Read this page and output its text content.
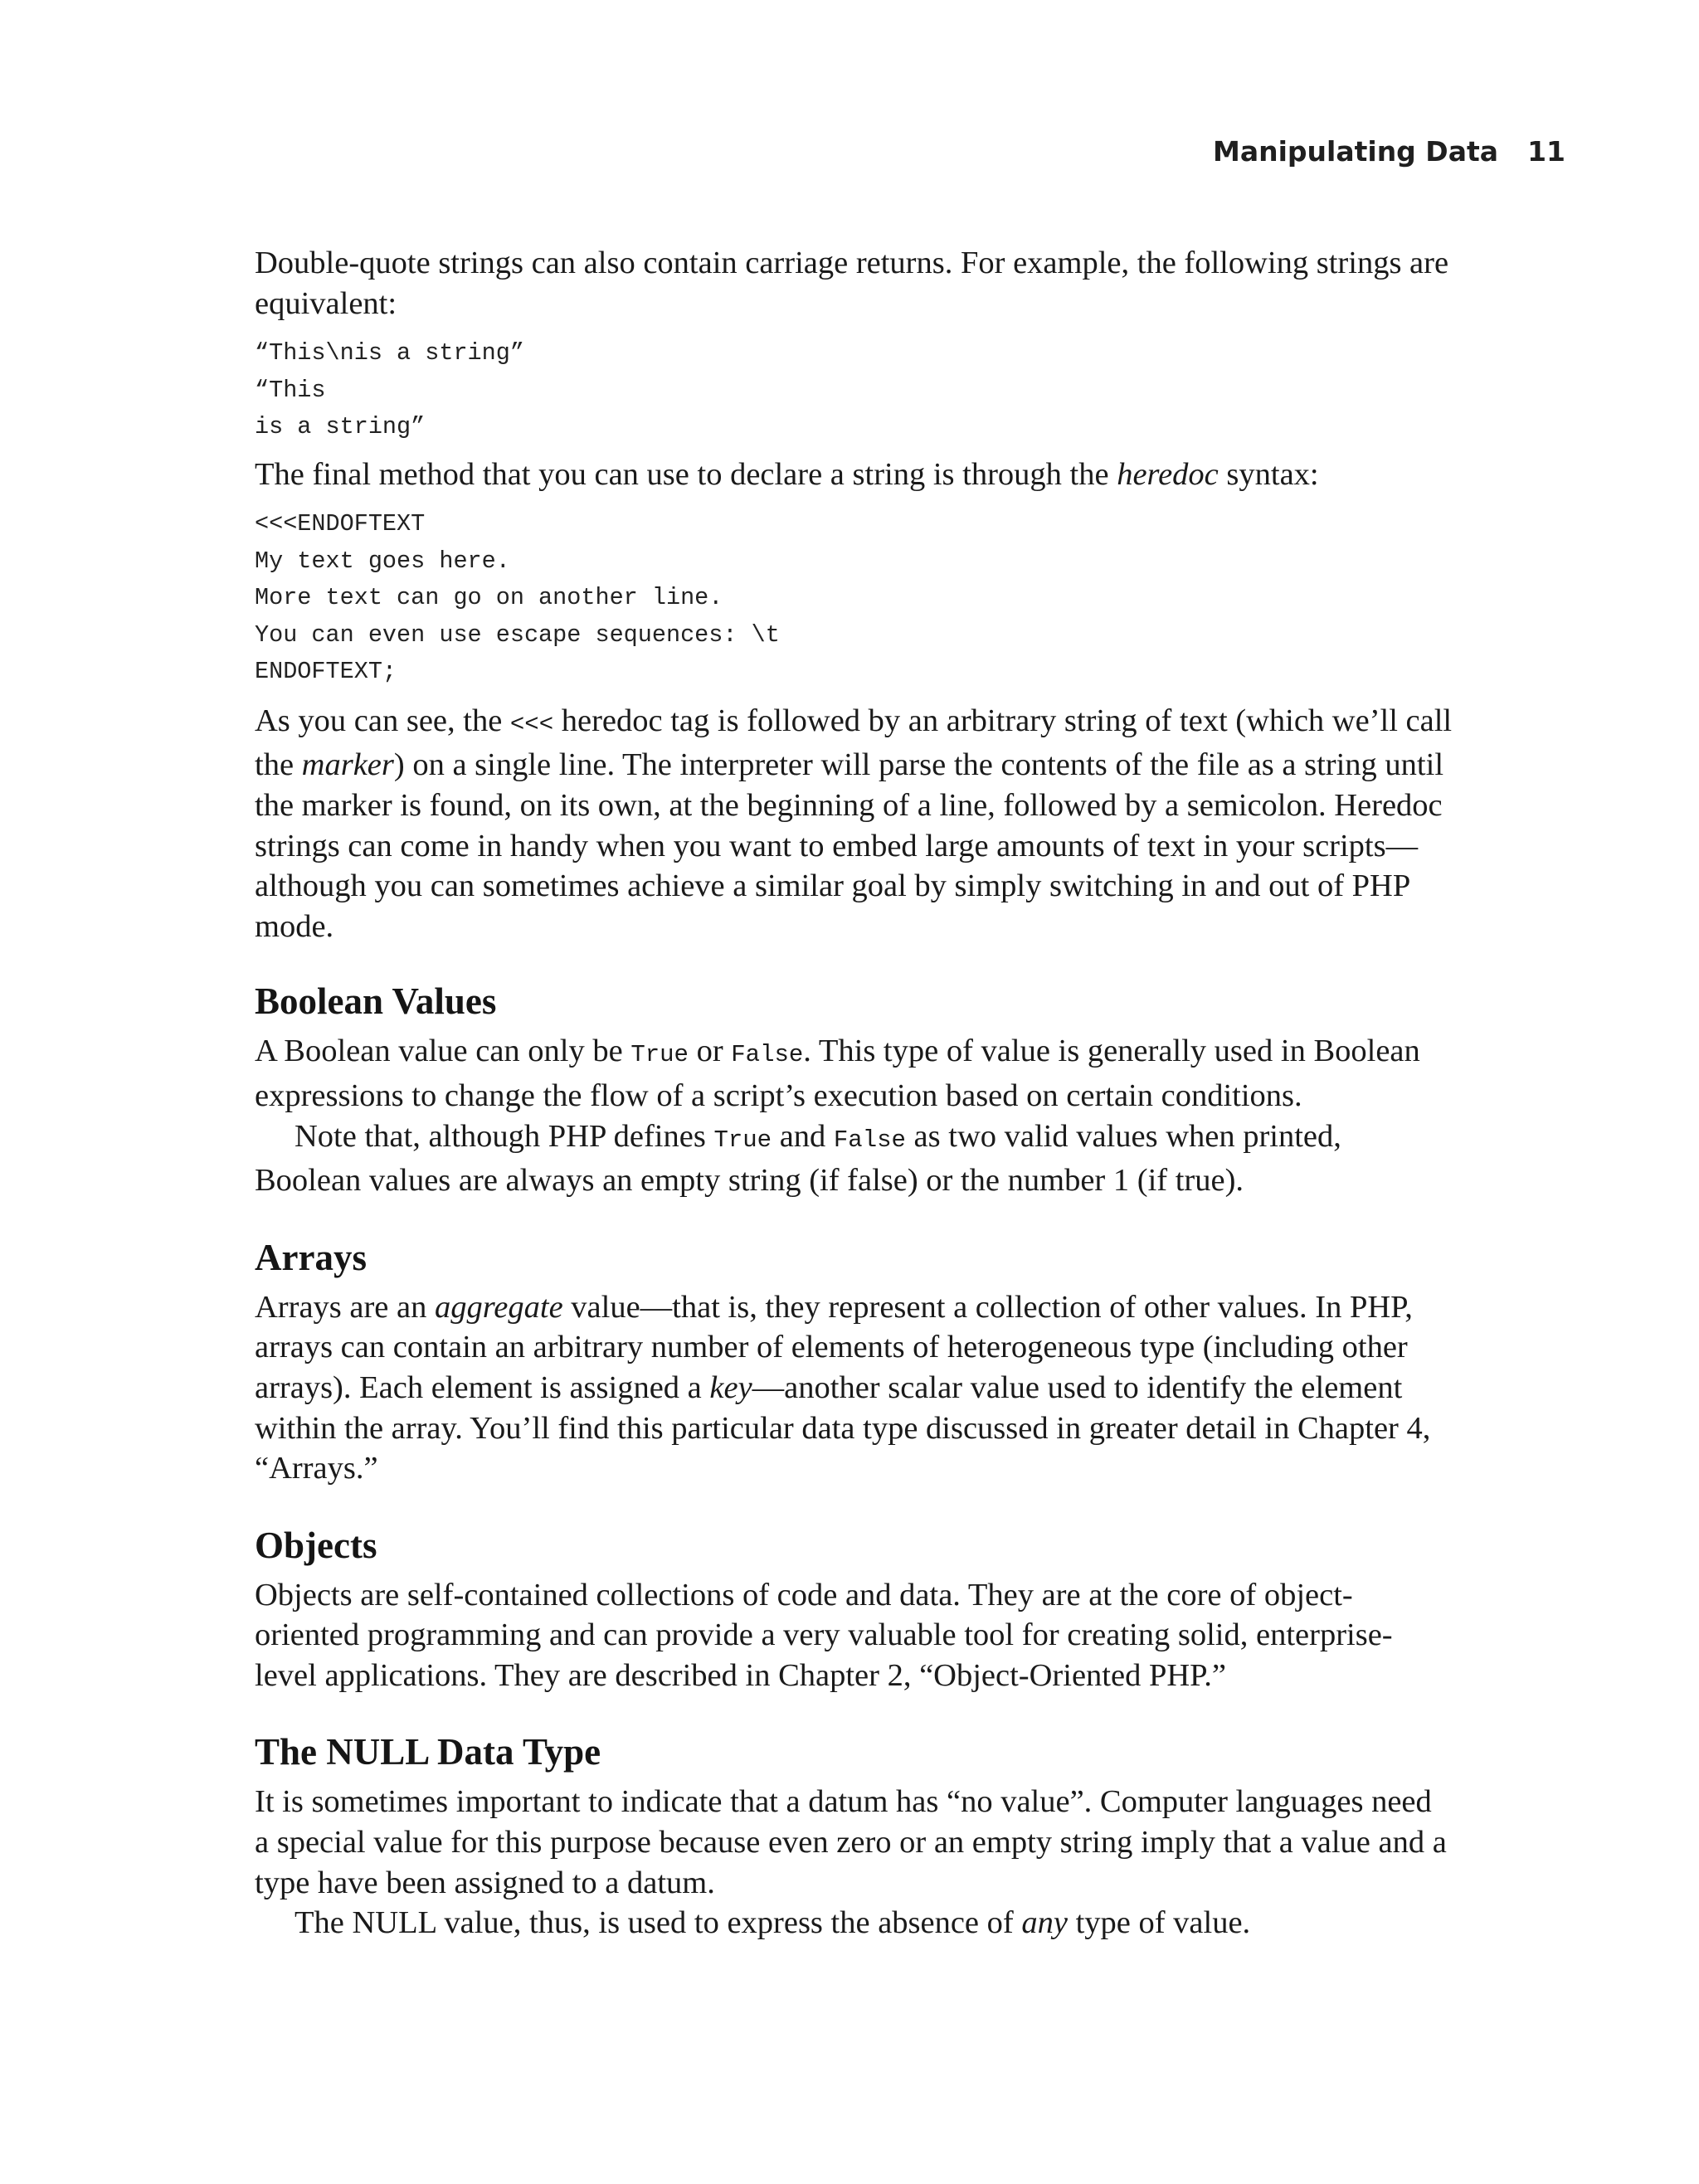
Manipulating Data 11

Double-quote strings can also contain carriage returns. For example, the following strings are equivalent:

“This\nis a string”
“This
is a string”

The final method that you can use to declare a string is through the heredoc syntax:

<<<ENDOFTEXT
My text goes here.
More text can go on another line.
You can even use escape sequences: \t
ENDOFTEXT;

As you can see, the <<< heredoc tag is followed by an arbitrary string of text (which we’ll call the marker) on a single line. The interpreter will parse the contents of the file as a string until the marker is found, on its own, at the beginning of a line, followed by a semicolon. Heredoc strings can come in handy when you want to embed large amounts of text in your scripts—although you can sometimes achieve a similar goal by simply switching in and out of PHP mode.

Boolean Values

A Boolean value can only be True or False. This type of value is generally used in Boolean expressions to change the flow of a script’s execution based on certain conditions.

Note that, although PHP defines True and False as two valid values when printed, Boolean values are always an empty string (if false) or the number 1 (if true).

Arrays

Arrays are an aggregate value—that is, they represent a collection of other values. In PHP, arrays can contain an arbitrary number of elements of heterogeneous type (including other arrays). Each element is assigned a key—another scalar value used to identify the element within the array. You’ll find this particular data type discussed in greater detail in Chapter 4, “Arrays.”

Objects

Objects are self-contained collections of code and data. They are at the core of object-oriented programming and can provide a very valuable tool for creating solid, enterprise-level applications. They are described in Chapter 2, “Object-Oriented PHP.”

The NULL Data Type

It is sometimes important to indicate that a datum has “no value”. Computer languages need a special value for this purpose because even zero or an empty string imply that a value and a type have been assigned to a datum.

The NULL value, thus, is used to express the absence of any type of value.
